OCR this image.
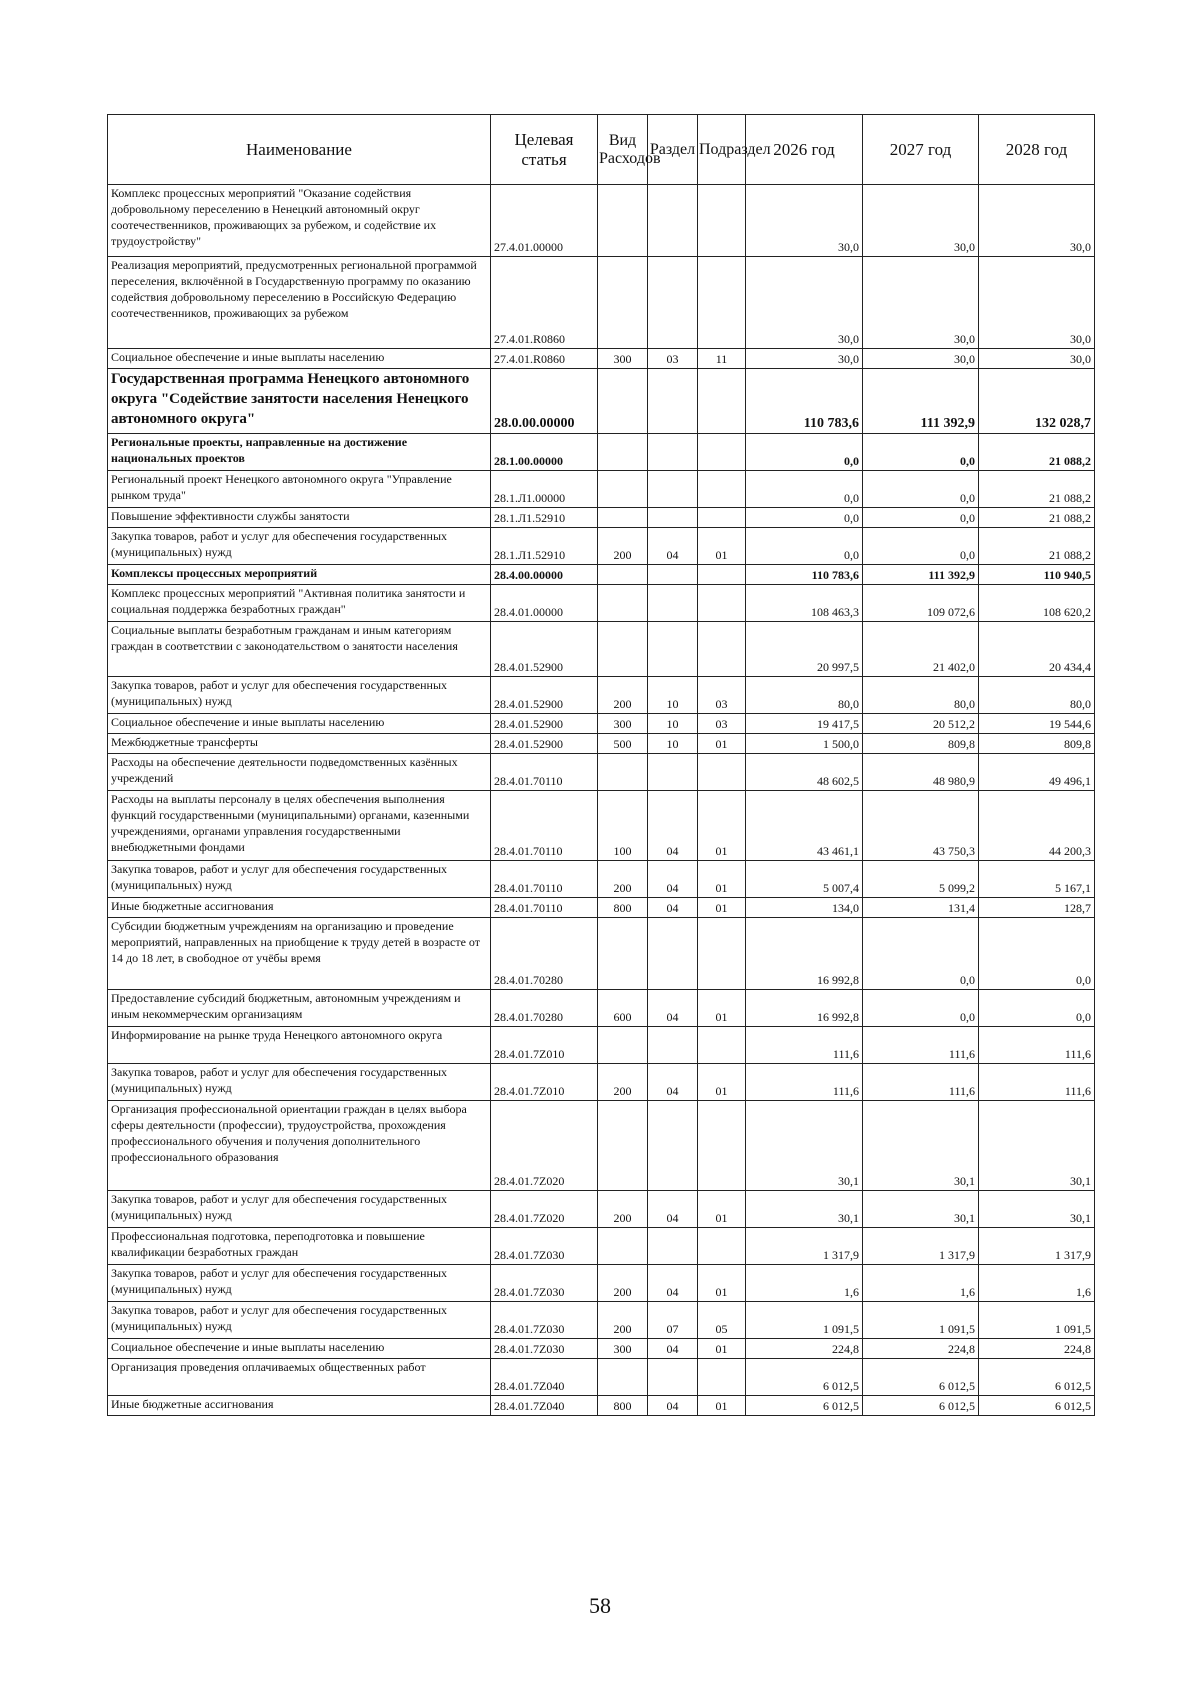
Наименование	Целевая статья	Вид Расходов	Раздел	Подраздел	2026 год	2027 год	2028 год
Комплекс процессных мероприятий "Оказание содействия добровольному переселению в Ненецкий автономный округ соотечественников, проживающих за рубежом, и содействие их трудоустройству"	27.4.01.00000				30,0	30,0	30,0
Реализация мероприятий, предусмотренных региональной программой переселения, включённой в Государственную программу по оказанию содействия добровольному переселению в Российскую Федерацию соотечественников, проживающих за рубежом	27.4.01.R0860				30,0	30,0	30,0
Социальное обеспечение и иные выплаты населению	27.4.01.R0860	300	03	11	30,0	30,0	30,0
Государственная программа Ненецкого автономного округа "Содействие занятости населения Ненецкого автономного округа"	28.0.00.00000				110 783,6	111 392,9	132 028,7
Региональные проекты, направленные на достижение национальных проектов	28.1.00.00000				0,0	0,0	21 088,2
Региональный проект Ненецкого автономного округа "Управление рынком труда"	28.1.Л1.00000				0,0	0,0	21 088,2
Повышение эффективности службы занятости	28.1.Л1.52910				0,0	0,0	21 088,2
Закупка товаров, работ и услуг для обеспечения государственных (муниципальных) нужд	28.1.Л1.52910	200	04	01	0,0	0,0	21 088,2
Комплексы процессных мероприятий	28.4.00.00000				110 783,6	111 392,9	110 940,5
Комплекс процессных мероприятий "Активная политика занятости и социальная поддержка безработных граждан"	28.4.01.00000				108 463,3	109 072,6	108 620,2
Социальные выплаты безработным гражданам и иным категориям граждан в соответствии с законодательством о занятости населения	28.4.01.52900				20 997,5	21 402,0	20 434,4
Закупка товаров, работ и услуг для обеспечения государственных (муниципальных) нужд	28.4.01.52900	200	10	03	80,0	80,0	80,0
Социальное обеспечение и иные выплаты населению	28.4.01.52900	300	10	03	19 417,5	20 512,2	19 544,6
Межбюджетные трансферты	28.4.01.52900	500	10	01	1 500,0	809,8	809,8
Расходы на обеспечение деятельности подведомственных казённых учреждений	28.4.01.70110				48 602,5	48 980,9	49 496,1
Расходы на выплаты персоналу в целях обеспечения выполнения функций государственными (муниципальными) органами, казенными учреждениями, органами управления государственными внебюджетными фондами	28.4.01.70110	100	04	01	43 461,1	43 750,3	44 200,3
Закупка товаров, работ и услуг для обеспечения государственных (муниципальных) нужд	28.4.01.70110	200	04	01	5 007,4	5 099,2	5 167,1
Иные бюджетные ассигнования	28.4.01.70110	800	04	01	134,0	131,4	128,7
Субсидии бюджетным учреждениям на организацию и проведение мероприятий, направленных на приобщение к труду детей в возрасте от 14 до 18 лет, в свободное от учёбы время	28.4.01.70280				16 992,8	0,0	0,0
Предоставление субсидий бюджетным, автономным учреждениям и иным некоммерческим организациям	28.4.01.70280	600	04	01	16 992,8	0,0	0,0
Информирование на рынке труда Ненецкого автономного округа	28.4.01.7Z010				111,6	111,6	111,6
Закупка товаров, работ и услуг для обеспечения государственных (муниципальных) нужд	28.4.01.7Z010	200	04	01	111,6	111,6	111,6
Организация профессиональной ориентации граждан в целях выбора сферы деятельности (профессии), трудоустройства, прохождения профессионального обучения и получения дополнительного профессионального образования	28.4.01.7Z020				30,1	30,1	30,1
Закупка товаров, работ и услуг для обеспечения государственных (муниципальных) нужд	28.4.01.7Z020	200	04	01	30,1	30,1	30,1
Профессиональная подготовка, переподготовка и повышение квалификации безработных граждан	28.4.01.7Z030				1 317,9	1 317,9	1 317,9
Закупка товаров, работ и услуг для обеспечения государственных (муниципальных) нужд	28.4.01.7Z030	200	04	01	1,6	1,6	1,6
Закупка товаров, работ и услуг для обеспечения государственных (муниципальных) нужд	28.4.01.7Z030	200	07	05	1 091,5	1 091,5	1 091,5
Социальное обеспечение и иные выплаты населению	28.4.01.7Z030	300	04	01	224,8	224,8	224,8
Организация проведения оплачиваемых общественных работ	28.4.01.7Z040				6 012,5	6 012,5	6 012,5
Иные бюджетные ассигнования	28.4.01.7Z040	800	04	01	6 012,5	6 012,5	6 012,5
58
